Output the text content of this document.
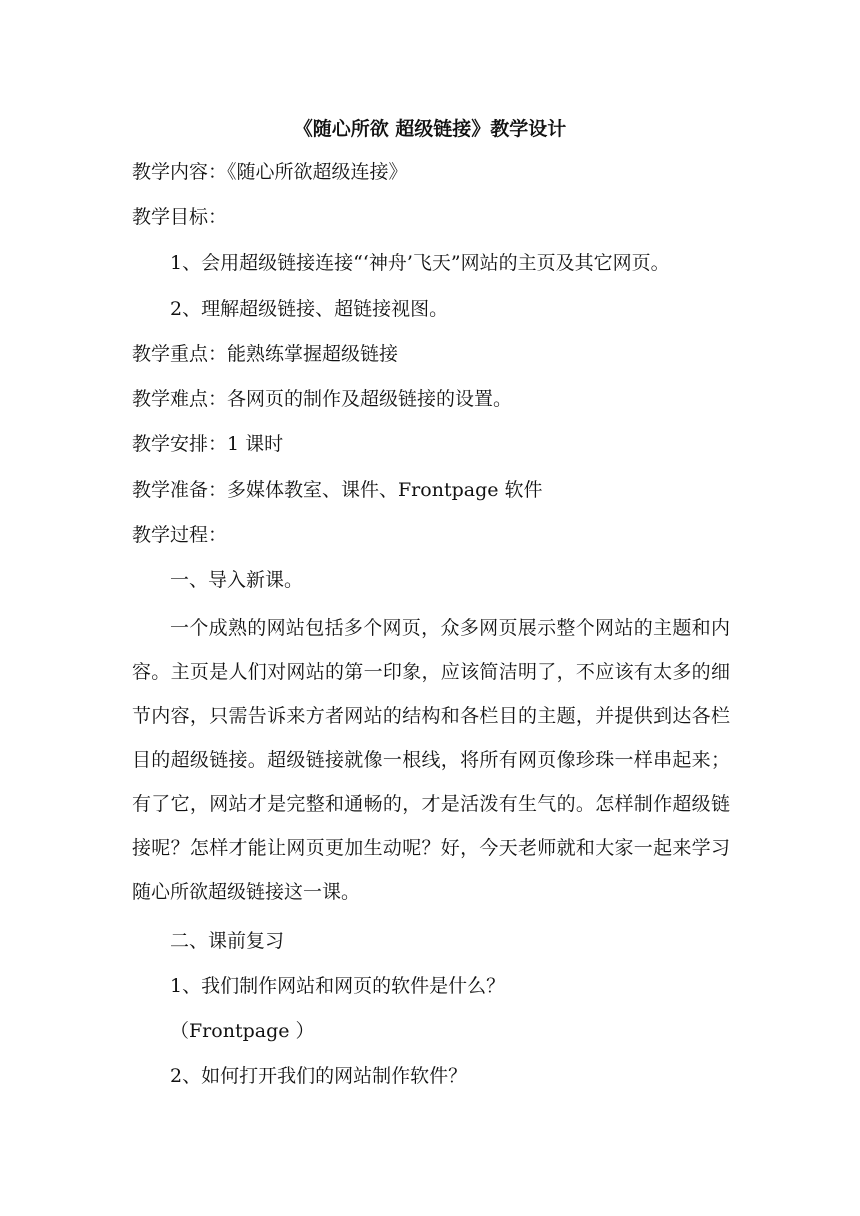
《随心所欲 超级链接》教学设计
教学内容：《随心所欲超级连接》
教学目标：
1、会用超级链接连接“‘神舟’飞天”网站的主页及其它网页。
2、理解超级链接、超链接视图。
教学重点：能熟练掌握超级链接
教学难点：各网页的制作及超级链接的设置。
教学安排：1 课时
教学准备：多媒体教室、课件、Frontpage 软件
教学过程：
一、导入新课。
一个成熟的网站包括多个网页，众多网页展示整个网站的主题和内容。主页是人们对网站的第一印象，应该简洁明了，不应该有太多的细节内容，只需告诉来方者网站的结构和各栏目的主题，并提供到达各栏目的超级链接。超级链接就像一根线，将所有网页像珍珠一样串起来；有了它，网站才是完整和通畅的，才是活泼有生气的。怎样制作超级链接呢？怎样才能让网页更加生动呢？好，今天老师就和大家一起来学习随心所欲超级链接这一课。
二、课前复习
1、我们制作网站和网页的软件是什么？
（Frontpage ）
2、如何打开我们的网站制作软件？
